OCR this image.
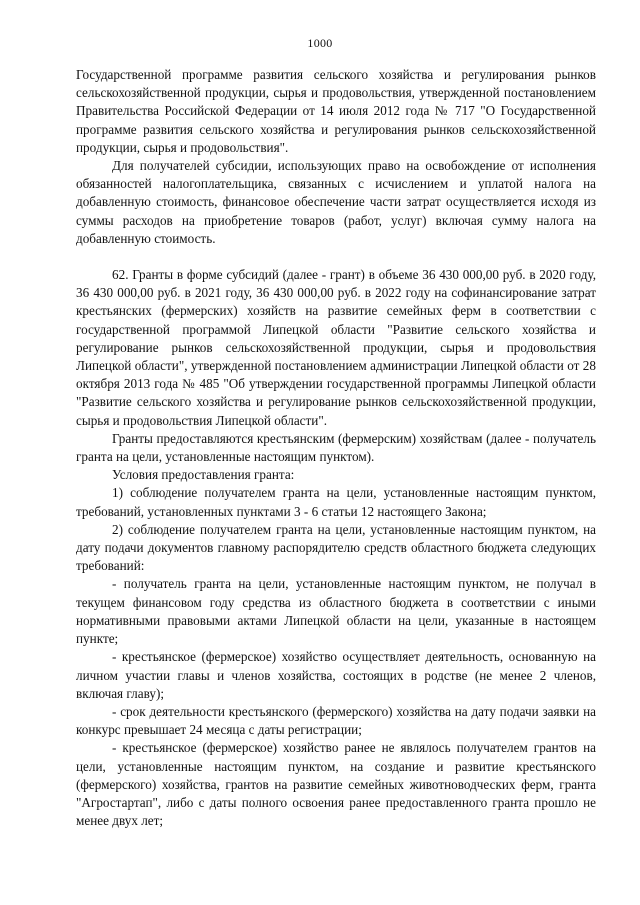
1000

Государственной программе развития сельского хозяйства и регулирования рынков сельскохозяйственной продукции, сырья и продовольствия, утвержденной постановлением Правительства Российской Федерации от 14 июля 2012 года № 717 "О Государственной программе развития сельского хозяйства и регулирования рынков сельскохозяйственной продукции, сырья и продовольствия".

Для получателей субсидии, использующих право на освобождение от исполнения обязанностей налогоплательщика, связанных с исчислением и уплатой налога на добавленную стоимость, финансовое обеспечение части затрат осуществляется исходя из суммы расходов на приобретение товаров (работ, услуг) включая сумму налога на добавленную стоимость.

62. Гранты в форме субсидий (далее - грант) в объеме 36 430 000,00 руб. в 2020 году, 36 430 000,00 руб. в 2021 году, 36 430 000,00 руб. в 2022 году на софинансирование затрат крестьянских (фермерских) хозяйств на развитие семейных ферм в соответствии с государственной программой Липецкой области "Развитие сельского хозяйства и регулирование рынков сельскохозяйственной продукции, сырья и продовольствия Липецкой области", утвержденной постановлением администрации Липецкой области от 28 октября 2013 года № 485 "Об утверждении государственной программы Липецкой области "Развитие сельского хозяйства и регулирование рынков сельскохозяйственной продукции, сырья и продовольствия Липецкой области".

Гранты предоставляются крестьянским (фермерским) хозяйствам (далее - получатель гранта на цели, установленные настоящим пунктом).

Условия предоставления гранта:

1) соблюдение получателем гранта на цели, установленные настоящим пунктом, требований, установленных пунктами 3 - 6 статьи 12 настоящего Закона;

2) соблюдение получателем гранта на цели, установленные настоящим пунктом, на дату подачи документов главному распорядителю средств областного бюджета следующих требований:

- получатель гранта на цели, установленные настоящим пунктом, не получал в текущем финансовом году средства из областного бюджета в соответствии с иными нормативными правовыми актами Липецкой области на цели, указанные в настоящем пункте;

- крестьянское (фермерское) хозяйство осуществляет деятельность, основанную на личном участии главы и членов хозяйства, состоящих в родстве (не менее 2 членов, включая главу);

- срок деятельности крестьянского (фермерского) хозяйства на дату подачи заявки на конкурс превышает 24 месяца с даты регистрации;

- крестьянское (фермерское) хозяйство ранее не являлось получателем грантов на цели, установленные настоящим пунктом, на создание и развитие крестьянского (фермерского) хозяйства, грантов на развитие семейных животноводческих ферм, гранта "Агростартап", либо с даты полного освоения ранее предоставленного гранта прошло не менее двух лет;
